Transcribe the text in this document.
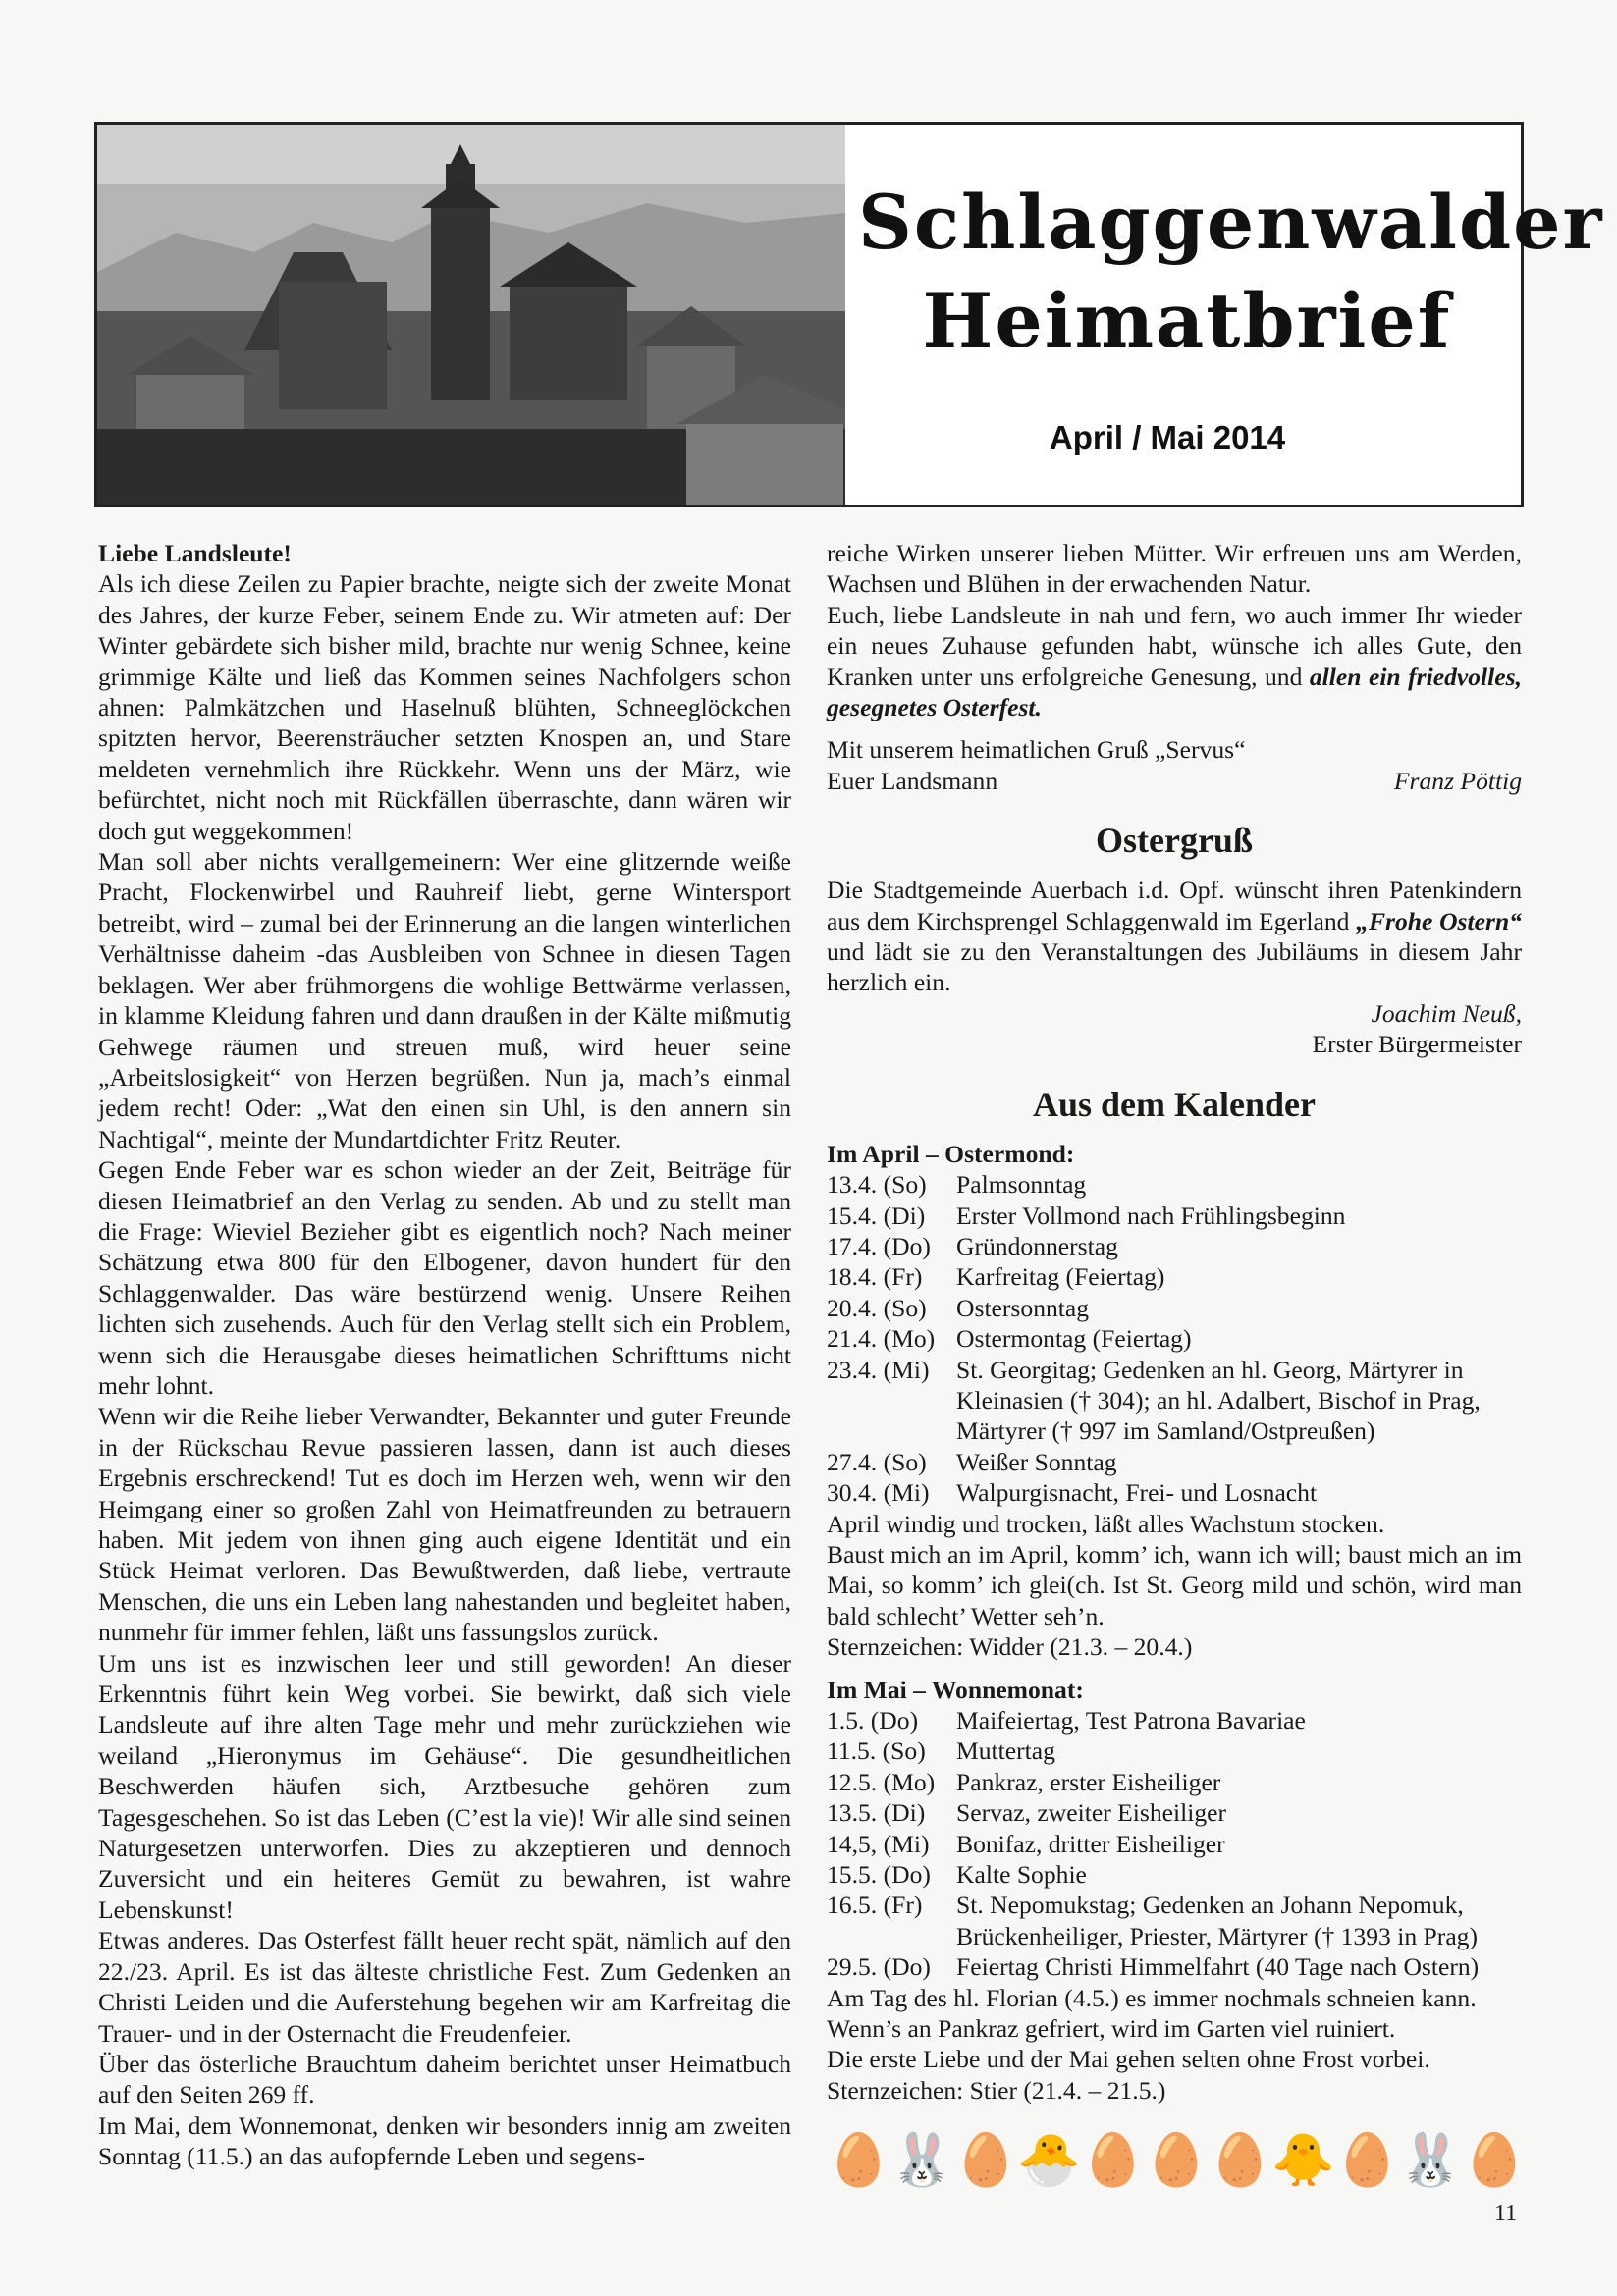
Schlaggenwalder
Heimatbrief
April / Mai 2014

Liebe Landsleute!

Als ich diese Zeilen zu Papier brachte, neigte sich der zweite Monat des Jahres, der kurze Feber, seinem Ende zu. Wir atmeten auf: Der Winter gebärdete sich bisher mild, brachte nur wenig Schnee, keine grimmige Kälte und ließ das Kommen seines Nachfolgers schon ahnen: Palmkätzchen und Haselnuß blühten, Schneeglöckchen spitzten hervor, Beerensträucher setzten Knospen an, und Stare meldeten vernehmlich ihre Rückkehr. Wenn uns der März, wie befürchtet, nicht noch mit Rückfällen überraschte, dann wären wir doch gut weggekommen!

Man soll aber nichts verallgemeinern: Wer eine glitzernde weiße Pracht, Flockenwirbel und Rauhreif liebt, gerne Wintersport betreibt, wird – zumal bei der Erinnerung an die langen winterlichen Verhältnisse daheim -das Ausbleiben von Schnee in diesen Tagen beklagen. Wer aber frühmorgens die wohlige Bettwärme verlassen, in klamme Kleidung fahren und dann draußen in der Kälte mißmutig Gehwege räumen und streuen muß, wird heuer seine „Arbeitslosigkeit“ von Herzen begrüßen. Nun ja, mach’s einmal jedem recht! Oder: „Wat den einen sin Uhl, is den annern sin Nachtigal“, meinte der Mundartdichter Fritz Reuter.

Gegen Ende Feber war es schon wieder an der Zeit, Beiträge für diesen Heimatbrief an den Verlag zu senden. Ab und zu stellt man die Frage: Wieviel Bezieher gibt es eigentlich noch? Nach meiner Schätzung etwa 800 für den Elbogener, davon hundert für den Schlaggenwalder. Das wäre bestürzend wenig. Unsere Reihen lichten sich zusehends. Auch für den Verlag stellt sich ein Problem, wenn sich die Herausgabe dieses heimatlichen Schrifttums nicht mehr lohnt.

Wenn wir die Reihe lieber Verwandter, Bekannter und guter Freunde in der Rückschau Revue passieren lassen, dann ist auch dieses Ergebnis erschreckend! Tut es doch im Herzen weh, wenn wir den Heimgang einer so großen Zahl von Heimatfreunden zu betrauern haben. Mit jedem von ihnen ging auch eigene Identität und ein Stück Heimat verloren. Das Bewußtwerden, daß liebe, vertraute Menschen, die uns ein Leben lang nahestanden und begleitet haben, nunmehr für immer fehlen, läßt uns fassungslos zurück.

Um uns ist es inzwischen leer und still geworden! An dieser Erkenntnis führt kein Weg vorbei. Sie bewirkt, daß sich viele Landsleute auf ihre alten Tage mehr und mehr zurückziehen wie weiland „Hieronymus im Gehäuse“. Die gesundheitlichen Beschwerden häufen sich, Arztbesuche gehören zum Tagesgeschehen. So ist das Leben (C’est la vie)! Wir alle sind seinen Naturgesetzen unterworfen. Dies zu akzeptieren und dennoch Zuversicht und ein heiteres Gemüt zu bewahren, ist wahre Lebenskunst!

Etwas anderes. Das Osterfest fällt heuer recht spät, nämlich auf den 22./23. April. Es ist das älteste christliche Fest. Zum Gedenken an Christi Leiden und die Auferstehung begehen wir am Karfreitag die Trauer- und in der Osternacht die Freudenfeier.

Über das österliche Brauchtum daheim berichtet unser Heimatbuch auf den Seiten 269 ff.

Im Mai, dem Wonnemonat, denken wir besonders innig am zweiten Sonntag (11.5.) an das aufopfernde Leben und segens-

reiche Wirken unserer lieben Mütter. Wir erfreuen uns am Werden, Wachsen und Blühen in der erwachenden Natur.

Euch, liebe Landsleute in nah und fern, wo auch immer Ihr wieder ein neues Zuhause gefunden habt, wünsche ich alles Gute, den Kranken unter uns erfolgreiche Genesung, und allen ein friedvolles, gesegnetes Osterfest.

Mit unserem heimatlichen Gruß „Servus“

Euer Landsmann	Franz Pöttig
Ostergruß

Die Stadtgemeinde Auerbach i.d. Opf. wünscht ihren Patenkindern aus dem Kirchsprengel Schlaggenwald im Egerland „Frohe Ostern“ und lädt sie zu den Veranstaltungen des Jubiläums in diesem Jahr herzlich ein.

Joachim Neuß,

Erster Bürgermeister

Aus dem Kalender

Im April – Ostermond:

13.4. (So)	Palmsonntag
15.4. (Di)	Erster Vollmond nach Frühlingsbeginn
17.4. (Do)	Gründonnerstag
18.4. (Fr)	Karfreitag (Feiertag)
20.4. (So)	Ostersonntag
21.4. (Mo) Ostermontag (Feiertag)
23.4. (Mi)	St. Georgitag; Gedenken an hl. Georg, Märtyrer in Kleinasien († 304); an hl. Adalbert, Bischof in Prag, Märtyrer († 997 im Samland/Ostpreußen)
27.4. (So)	Weißer Sonntag
30.4. (Mi)	Walpurgisnacht, Frei- und Losnacht

April windig und trocken, läßt alles Wachstum stocken.

Baust mich an im April, komm’ ich, wann ich will; baust mich an im Mai, so komm’ ich glei(ch. Ist St. Georg mild und schön, wird man bald schlecht’ Wetter seh’n.

Sternzeichen: Widder (21.3. – 20.4.)

Im Mai – Wonnemonat:

1.5. (Do)	Maifeiertag, Test Patrona Bavariae
11.5. (So)	Muttertag
12.5. (Mo) Pankraz, erster Eisheiliger
13.5. (Di)	Servaz, zweiter Eisheiliger
14,5, (Mi)	Bonifaz, dritter Eisheiliger
15.5. (Do)	Kalte Sophie
16.5. (Fr)	St. Nepomukstag; Gedenken an Johann Nepomuk, Brückenheiliger, Priester, Märtyrer († 1393 in Prag)
29.5. (Do)	Feiertag Christi Himmelfahrt (40 Tage nach Ostern)

Am Tag des hl. Florian (4.5.) es immer nochmals schneien kann.

Wenn’s an Pankraz gefriert, wird im Garten viel ruiniert.

Die erste Liebe und der Mai gehen selten ohne Frost vorbei.

Sternzeichen: Stier (21.4. – 21.5.)

🥚 🐰 🥚 🐣 🥚 🥚 🥚 🐥 🥚 🐰 🥚
11
